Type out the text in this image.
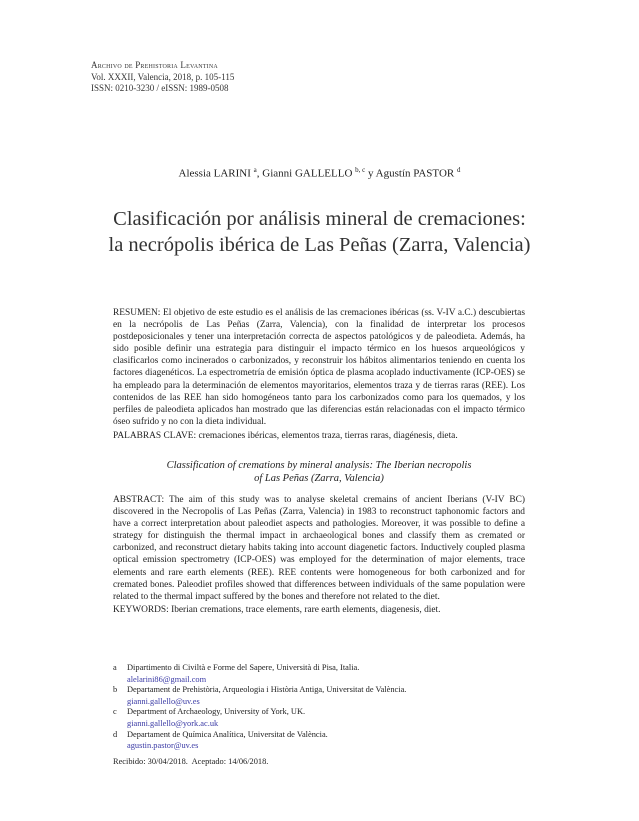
Archivo de Prehistoria Levantina
Vol. XXXII, Valencia, 2018, p. 105-115
ISSN: 0210-3230 / eISSN: 1989-0508
Alessia LARINI $^a$, Gianni GALLELLO $^{b, c}$ y Agustín PASTOR $^d$
Clasificación por análisis mineral de cremaciones:
la necrópolis ibérica de Las Peñas (Zarra, Valencia)
RESUMEN: El objetivo de este estudio es el análisis de las cremaciones ibéricas (ss. V-IV a.C.) descubiertas en la necrópolis de Las Peñas (Zarra, Valencia), con la finalidad de interpretar los procesos postdeposicionales y tener una interpretación correcta de aspectos patológicos y de paleodieta. Además, ha sido posible definir una estrategia para distinguir el impacto térmico en los huesos arqueológicos y clasificarlos como incinerados o carbonizados, y reconstruir los hábitos alimentarios teniendo en cuenta los factores diagenéticos. La espectrometría de emisión óptica de plasma acoplado inductivamente (ICP-OES) se ha empleado para la determinación de elementos mayoritarios, elementos traza y de tierras raras (REE). Los contenidos de las REE han sido homogéneos tanto para los carbonizados como para los quemados, y los perfiles de paleodieta aplicados han mostrado que las diferencias están relacionadas con el impacto térmico óseo sufrido y no con la dieta individual.
PALABRAS CLAVE: cremaciones ibéricas, elementos traza, tierras raras, diagénesis, dieta.
Classification of cremations by mineral analysis: The Iberian necropolis
of Las Peñas (Zarra, Valencia)
ABSTRACT: The aim of this study was to analyse skeletal cremains of ancient Iberians (V-IV BC) discovered in the Necropolis of Las Peñas (Zarra, Valencia) in 1983 to reconstruct taphonomic factors and have a correct interpretation about paleodiet aspects and pathologies. Moreover, it was possible to define a strategy for distinguish the thermal impact in archaeological bones and classify them as cremated or carbonized, and reconstruct dietary habits taking into account diagenetic factors. Inductively coupled plasma optical emission spectrometry (ICP-OES) was employed for the determination of major elements, trace elements and rare earth elements (REE). REE contents were homogeneous for both carbonized and for cremated bones. Paleodiet profiles showed that differences between individuals of the same population were related to the thermal impact suffered by the bones and therefore not related to the diet.
KEYWORDS: Iberian cremations, trace elements, rare earth elements, diagenesis, diet.
a	Dipartimento di Civiltà e Forme del Sapere, Università di Pisa, Italia.
alelarini86@gmail.com
b	Departament de Prehistòria, Arqueologia i Història Antiga, Universitat de València.
gianni.gallello@uv.es
c	Department of Archaeology, University of York, UK.
gianni.gallello@york.ac.uk
d	Departament de Química Analítica, Universitat de València.
agustin.pastor@uv.es
Recibido: 30/04/2018.  Aceptado: 14/06/2018.
